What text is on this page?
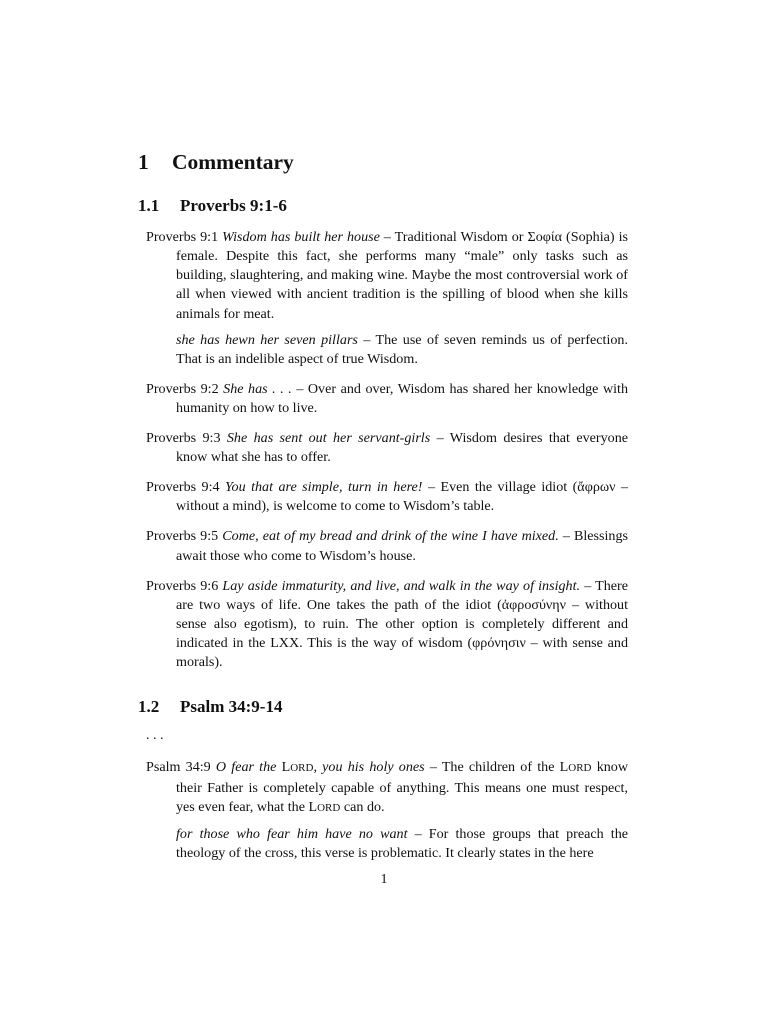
1	Commentary
1.1	Proverbs 9:1-6

Proverbs 9:1 Wisdom has built her house – Traditional Wisdom or Σοφία (Sophia) is female. Despite this fact, she performs many “male” only tasks such as building, slaughtering, and making wine. Maybe the most controversial work of all when viewed with ancient tradition is the spilling of blood when she kills animals for meat.

she has hewn her seven pillars – The use of seven reminds us of perfection. That is an indelible aspect of true Wisdom.

Proverbs 9:2 She has . . . – Over and over, Wisdom has shared her knowledge with humanity on how to live.

Proverbs 9:3 She has sent out her servant-girls – Wisdom desires that everyone know what she has to offer.

Proverbs 9:4 You that are simple, turn in here! – Even the village idiot (ἄφρων – without a mind), is welcome to come to Wisdom’s table.

Proverbs 9:5 Come, eat of my bread and drink of the wine I have mixed. – Blessings await those who come to Wisdom’s house.

Proverbs 9:6 Lay aside immaturity, and live, and walk in the way of insight. – There are two ways of life. One takes the path of the idiot (ἀφροσύνην – without sense also egotism), to ruin. The other option is completely different and indicated in the LXX. This is the way of wisdom (φρόνησιν – with sense and morals).

1.2	Psalm 34:9-14
. . .

Psalm 34:9 O fear the LORD, you his holy ones – The children of the LORD know their Father is completely capable of anything. This means one must respect, yes even fear, what the LORD can do.

for those who fear him have no want – For those groups that preach the theology of the cross, this verse is problematic. It clearly states in the here

1
